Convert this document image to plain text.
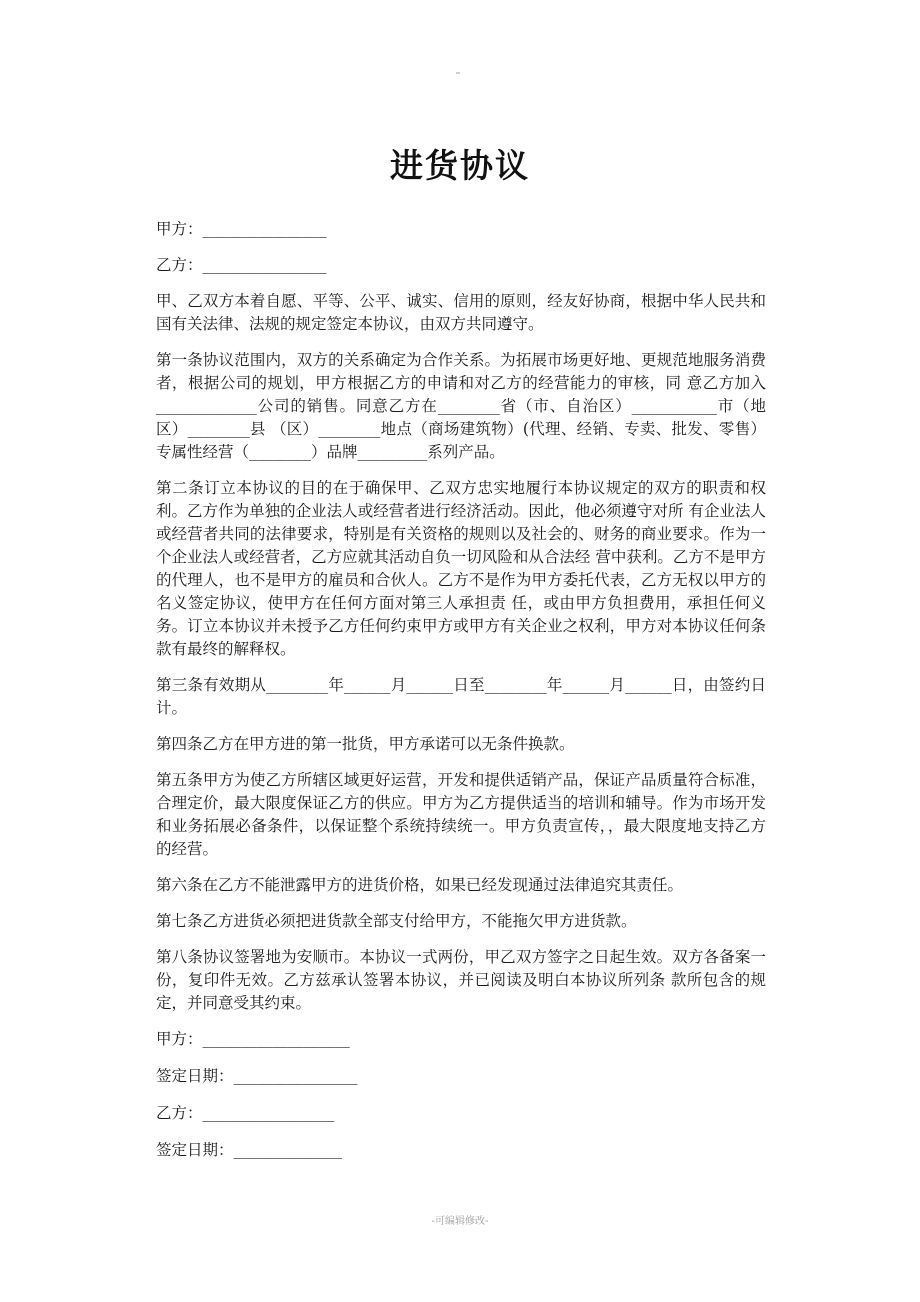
进货协议

甲方：________________

乙方：________________

甲、乙双方本着自愿、平等、公平、诚实、信用的原则，经友好协商，根据中华人民共和国有关法律、法规的规定签定本协议，由双方共同遵守。

第一条协议范围内，双方的关系确定为合作关系。为拓展市场更好地、更规范地服务消费者，根据公司的规划，甲方根据乙方的申请和对乙方的经营能力的审核，同 意乙方加入_____________公司的销售。同意乙方在________省（市、自治区）___________市（地区）________县 （区）________地点（商场建筑物）(代理、经销、专卖、批发、零售）专属性经营（________）品牌_________系列产品。

第二条订立本协议的目的在于确保甲、乙双方忠实地履行本协议规定的双方的职责和权利。乙方作为单独的企业法人或经营者进行经济活动。因此，他必须遵守对所 有企业法人或经营者共同的法律要求，特别是有关资格的规则以及社会的、财务的商业要求。作为一个企业法人或经营者，乙方应就其活动自负一切风险和从合法经 营中获利。乙方不是甲方的代理人，也不是甲方的雇员和合伙人。乙方不是作为甲方委托代表，乙方无权以甲方的名义签定协议，使甲方在任何方面对第三人承担责 任，或由甲方负担费用，承担任何义务。订立本协议并未授予乙方任何约束甲方或甲方有关企业之权利，甲方对本协议任何条款有最终的解释权。

第三条有效期从________年______月______日至________年______月______日，由签约日计。

第四条乙方在甲方进的第一批货，甲方承诺可以无条件换款。

第五条甲方为使乙方所辖区域更好运营，开发和提供适销产品，保证产品质量符合标准，合理定价，最大限度保证乙方的供应。甲方为乙方提供适当的培训和辅导。作为市场开发和业务拓展必备条件，以保证整个系统持续统一。甲方负责宣传，，最大限度地支持乙方的经营。

第六条在乙方不能泄露甲方的进货价格，如果已经发现通过法律追究其责任。

第七条乙方进货必须把进货款全部支付给甲方，不能拖欠甲方进货款。

第八条协议签署地为安顺市。本协议一式两份，甲乙双方签字之日起生效。双方各备案一份，复印件无效。乙方兹承认签署本协议，并已阅读及明白本协议所列条 款所包含的规定，并同意受其约束。

甲方：___________________

签定日期：________________

乙方：_________________

签定日期：______________

-可编辑修改-
